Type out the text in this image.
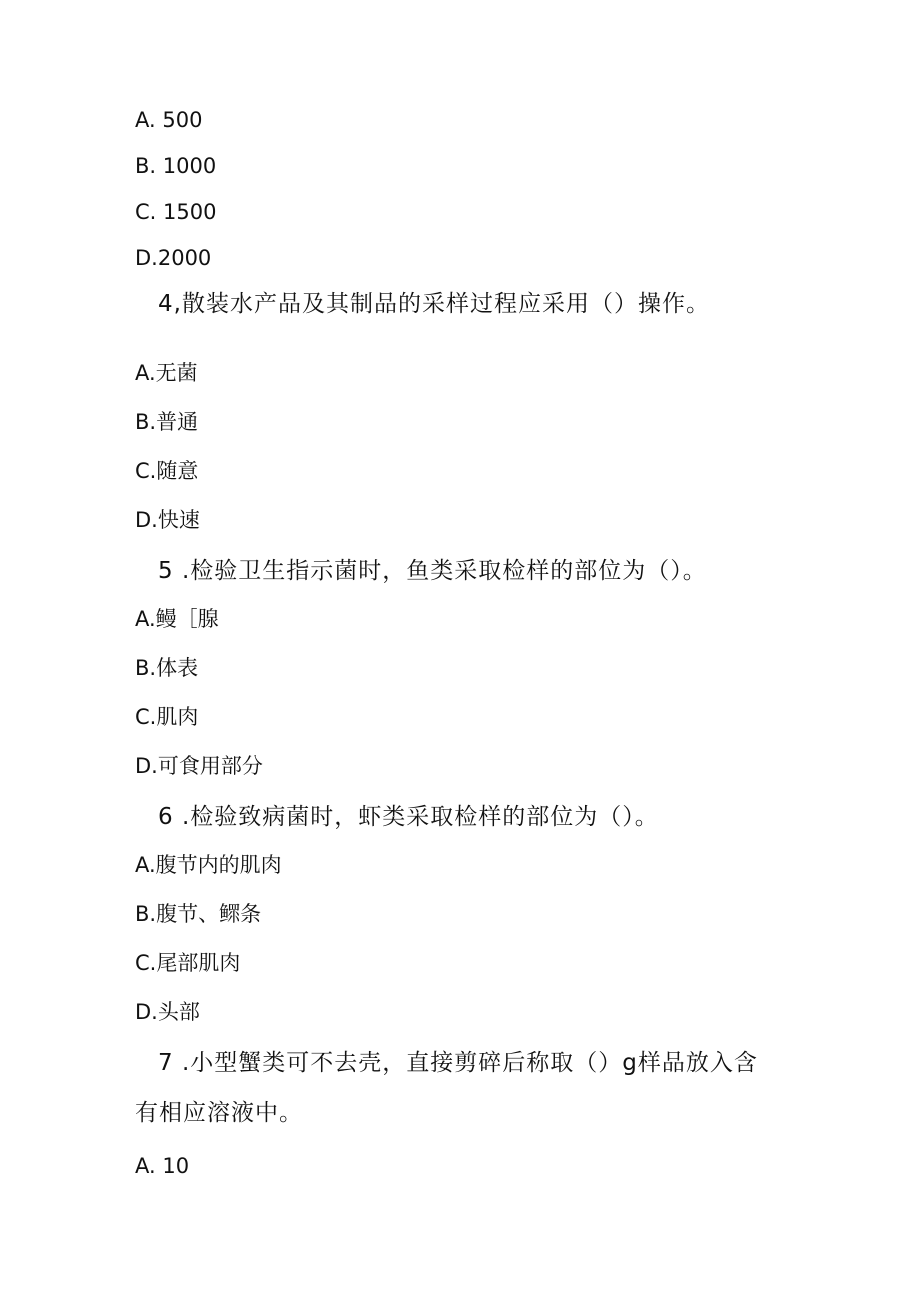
A. 500
B. 1000
C. 1500
D.2000
4,散装水产品及其制品的采样过程应采用（）操作。
A.无菌
B.普通
C.随意
D.快速
5 .检验卫生指示菌时，鱼类采取检样的部位为（）。
A.鳗［腺
B.体表
C.肌肉
D.可食用部分
6 .检验致病菌时，虾类采取检样的部位为（）。
A.腹节内的肌肉
B.腹节、鳏条
C.尾部肌肉
D.头部
7 .小型蟹类可不去壳，直接剪碎后称取（）g样品放入含
有相应溶液中。
A. 10
